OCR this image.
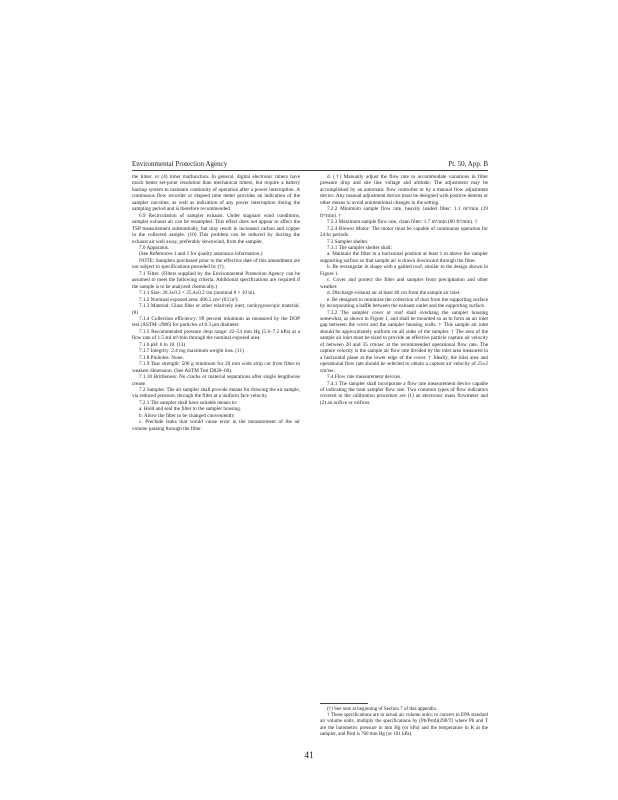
Environmental Protection Agency	Pt. 50, App. B

the timer, or (4) timer malfunction. In general, digital electronic timers have much better set-point resolution than mechanical timers, but require a battery backup system to maintain continuity of operation after a power interruption. A continuous flow recorder or elapsed time meter provides an indication of the sampler run-time, as well as indication of any power interruption during the sampling period and is therefore recommended.

6.9 Recirculation of sampler exhaust. Under stagnant wind conditions, sampler exhaust air can be resampled. This effect does not appear to affect the TSP measurement substantially, but may result in increased carbon and copper in the collected sample. (10) This problem can be reduced by ducting the exhaust air well away, preferably downwind, from the sampler.

7.0 Apparatus.

(See References 1 and 2 for quality assurance information.)

NOTE: Samplers purchased prior to the effective date of this amendment are not subject to specifications preceded by (†).

7.1 Filter. (Filters supplied by the Environmental Protection Agency can be assumed to meet the following criteria. Additional specifications are required if the sample is to be analyzed chemically.)

7.1.1 Size: 20.3±0.2 × 25.4±0.2 cm (nominal 8 × 10 in).

7.1.2 Nominal exposed area: 406.5 cm² (63 in²).

7.1.3 Material: Glass fiber or other relatively inert, nonhygroscopic material. (8)

7.1.4 Collection efficiency: 99 percent minimum as measured by the DOP test (ASTM–2986) for particles of 0.3 μm diameter.

7.1.5 Recommended pressure drop range: 42–54 mm Hg (5.6–7.2 kPa) at a flow rate of 1.5 std m³/min through the nominal exposed area.

7.1.6 pH: 6 to 10. (11)

7.1.7 Integrity: 2.4 mg maximum weight loss. (11)

7.1.8 Pinholes: None.

7.1.9 Tear strength: 500 g minimum for 20 mm wide strip cut from filter in weakest dimension. (See ASTM Test D828–60).

7.1.10 Brittleness: No cracks or material separations after single lengthwise crease.

7.2 Sampler. The air sampler shall provide means for drawing the air sample, via reduced pressure, through the filter at a uniform face velocity.

7.2.1 The sampler shall have suitable means to:

a. Hold and seal the filter to the sampler housing.

b. Allow the filter to be changed conveniently.

c. Preclude leaks that would cause error in the measurement of the air volume passing through the filter.

d. (†) Manually adjust the flow rate to accommodate variations in filter pressure drop and site line voltage and altitude. The adjustment may be accomplished by an automatic flow controller or by a manual flow adjustment device. Any manual adjustment device must be designed with positive detents or other means to avoid unintentional changes in the setting.

7.2.2 Minimum sample flow rate, heavily loaded filter: 1.1 m³/min (39 ft³/min). †

7.2.3 Maximum sample flow rate, clean filter: 1.7 m³/min (60 ft³/min). †

7.2.4 Blower Motor: The motor must be capable of continuous operation for 24-hr periods.

7.3 Sampler shelter.

7.3.1 The sampler shelter shall:

a. Maintain the filter in a horizontal position at least 1 m above the sampler supporting surface so that sample air is drawn downward through the filter.

b. Be rectangular in shape with a gabled roof, similar to the design shown in Figure 1.

c. Cover and protect the filter and sampler from precipitation and other weather.

d. Discharge exhaust air at least 40 cm from the sample air inlet.

e. Be designed to minimize the collection of dust from the supporting surface by incorporating a baffle between the exhaust outlet and the supporting surface.

7.3.2 The sampler cover or roof shall overhang the sampler housing somewhat, as shown in Figure 1, and shall be mounted so as to form an air inlet gap between the cover and the sampler housing walls. † This sample air inlet should be approximately uniform on all sides of the sampler. † The area of the sample air inlet must be sized to provide an effective particle capture air velocity of between 20 and 35 cm/sec at the recommended operational flow rate. The capture velocity is the sample air flow rate divided by the inlet area measured in a horizontal plane at the lower edge of the cover. † Ideally, the inlet area and operational flow rate should be selected to obtain a capture air velocity of 25±2 cm/sec.

7.4 Flow rate measurement devices.

7.4.1 The sampler shall incorporate a flow rate measurement device capable of indicating the total sampler flow rate. Two common types of flow indicators covered in the calibration procedure are (1) an electronic mass flowmeter and (2) an orifice or orifices

(†) See note at beginning of Section 7 of this appendix.

† These specifications are in actual air volume units; to convert to EPA standard air volume units, multiply the specifications by (Pb/Pstd)(298/T) where Pb and T are the barometric pressure in mm Hg (or kPa) and the temperature in K at the sampler, and Pstd is 760 mm Hg (or 101 kPa).

41
